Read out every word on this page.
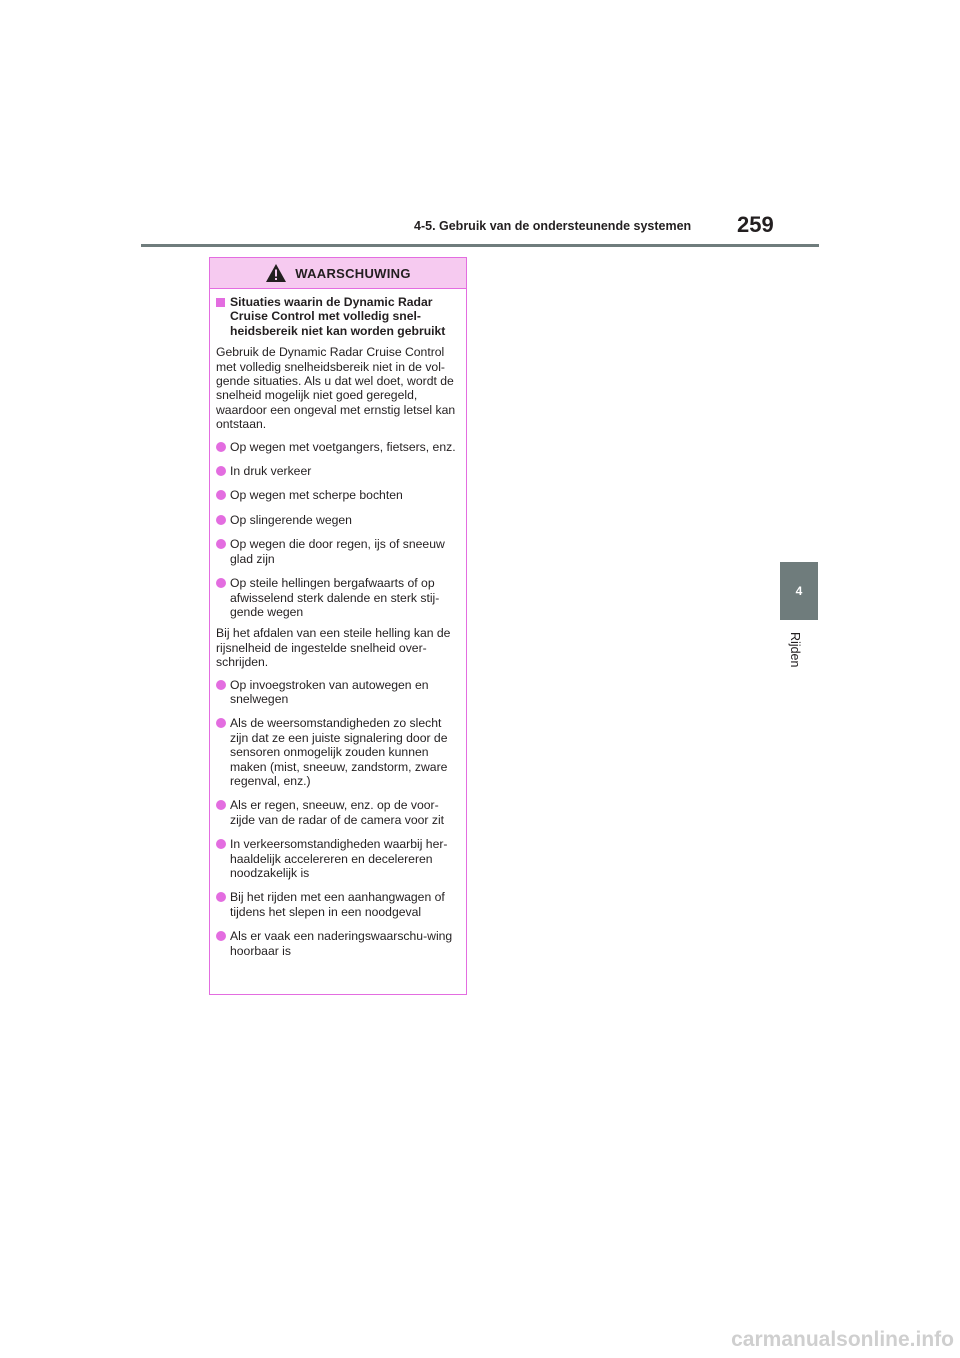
4-5. Gebruik van de ondersteunende systemen 259
4
Rijden
WAARSCHUWING
Situaties waarin de Dynamic Radar Cruise Control met volledig snel-heidsbereik niet kan worden gebruikt

Gebruik de Dynamic Radar Cruise Control met volledig snelheidsbereik niet in de vol-gende situaties. Als u dat wel doet, wordt de snelheid mogelijk niet goed geregeld, waardoor een ongeval met ernstig letsel kan ontstaan.

Op wegen met voetgangers, fietsers, enz.
In druk verkeer
Op wegen met scherpe bochten
Op slingerende wegen
Op wegen die door regen, ijs of sneeuw glad zijn
Op steile hellingen bergafwaarts of op afwisselend sterk dalende en sterk stij-gende wegen

Bij het afdalen van een steile helling kan de rijsnelheid de ingestelde snelheid over-schrijden.

Op invoegstroken van autowegen en snelwegen
Als de weersomstandigheden zo slecht zijn dat ze een juiste signalering door de sensoren onmogelijk zouden kunnen maken (mist, sneeuw, zandstorm, zware regenval, enz.)
Als er regen, sneeuw, enz. op de voor-zijde van de radar of de camera voor zit
In verkeersomstandigheden waarbij her-haaldelijk accelereren en decelereren noodzakelijk is
Bij het rijden met een aanhangwagen of tijdens het slepen in een noodgeval
Als er vaak een naderingswaarschu-wing hoorbaar is
carmanualsonline.info
